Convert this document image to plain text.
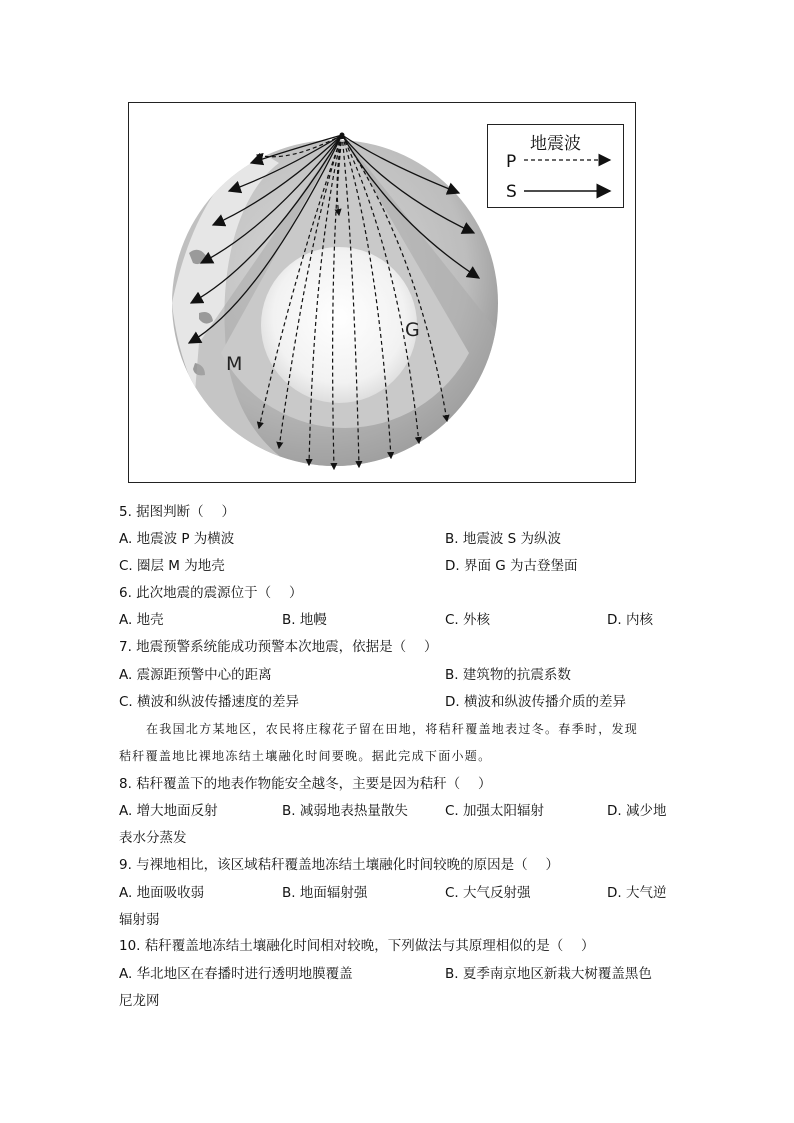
M
G
地震波
P
S
5. 据图判断（　 ）
A. 地震波 P 为横波	B. 地震波 S 为纵波
C. 圈层 M 为地壳	D. 界面 G 为古登堡面
6. 此次地震的震源位于（　 ）
A. 地壳	B. 地幔	C. 外核	D. 内核
7. 地震预警系统能成功预警本次地震，依据是（　 ）
A. 震源距预警中心的距离	B. 建筑物的抗震系数
C. 横波和纵波传播速度的差异	D. 横波和纵波传播介质的差异
在我国北方某地区，农民将庄稼花子留在田地，将秸秆覆盖地表过冬。春季时，发现
秸秆覆盖地比裸地冻结土壤融化时间要晚。据此完成下面小题。
8. 秸秆覆盖下的地表作物能安全越冬，主要是因为秸秆（　 ）
A. 增大地面反射	B. 减弱地表热量散失	C. 加强太阳辐射	D. 减少地
表水分蒸发
9. 与裸地相比，该区域秸秆覆盖地冻结土壤融化时间较晚的原因是（　 ）
A. 地面吸收弱	B. 地面辐射强	C. 大气反射强	D. 大气逆
辐射弱
10. 秸秆覆盖地冻结土壤融化时间相对较晚，下列做法与其原理相似的是（　 ）
A. 华北地区在春播时进行透明地膜覆盖	B. 夏季南京地区新栽大树覆盖黑色
尼龙网
